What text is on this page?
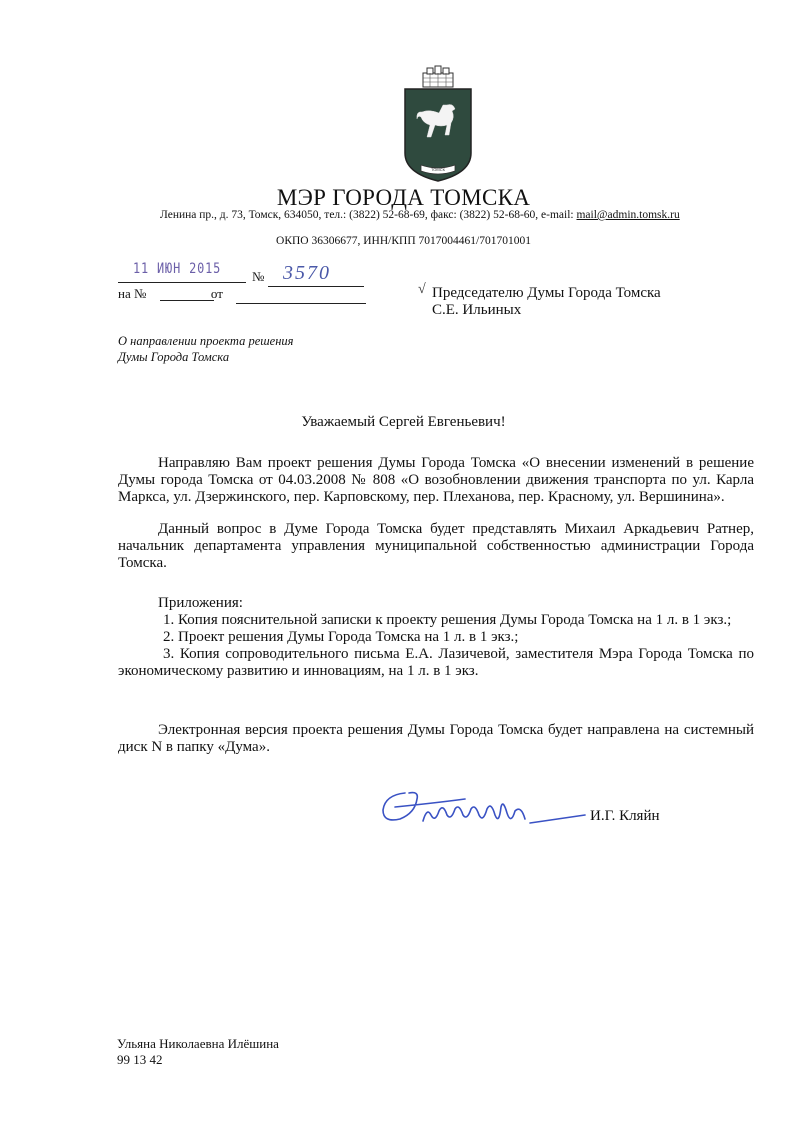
ТОМСК
МЭР ГОРОДА ТОМСКА
Ленина пр., д. 73, Томск, 634050, тел.: (3822) 52-68-69, факс: (3822) 52-68-60, e-mail: mail@admin.tomsk.ru
ОКПО 36306677, ИНН/КПП 7017004461/701701001
11 ИЮН 2015 № 3570
на №	от	√ Председателю Думы Города Томска
С.Е. Ильиных
О направлении проекта решения
Думы Города Томска
Уважаемый Сергей Евгеньевич!
Направляю Вам проект решения Думы Города Томска «О внесении изменений в решение Думы города Томска от 04.03.2008 № 808 «О возобновлении движения транспорта по ул. Карла Маркса, ул. Дзержинского, пер. Карповскому, пер. Плеханова, пер. Красному, ул. Вершинина».
Данный вопрос в Думе Города Томска будет представлять Михаил Аркадьевич Ратнер, начальник департамента управления муниципальной собственностью администрации Города Томска.
Приложения:
1. Копия пояснительной записки к проекту решения Думы Города Томска на 1 л. в 1 экз.;
2. Проект решения Думы Города Томска на 1 л. в 1 экз.;
3. Копия сопроводительного письма Е.А. Лазичевой, заместителя Мэра Города Томска по экономическому развитию и инновациям, на 1 л. в 1 экз.
Электронная версия проекта решения Думы Города Томска будет направлена на системный диск N в папку «Дума».
И.Г. Кляйн
Ульяна Николаевна Илёшина
99 13 42
